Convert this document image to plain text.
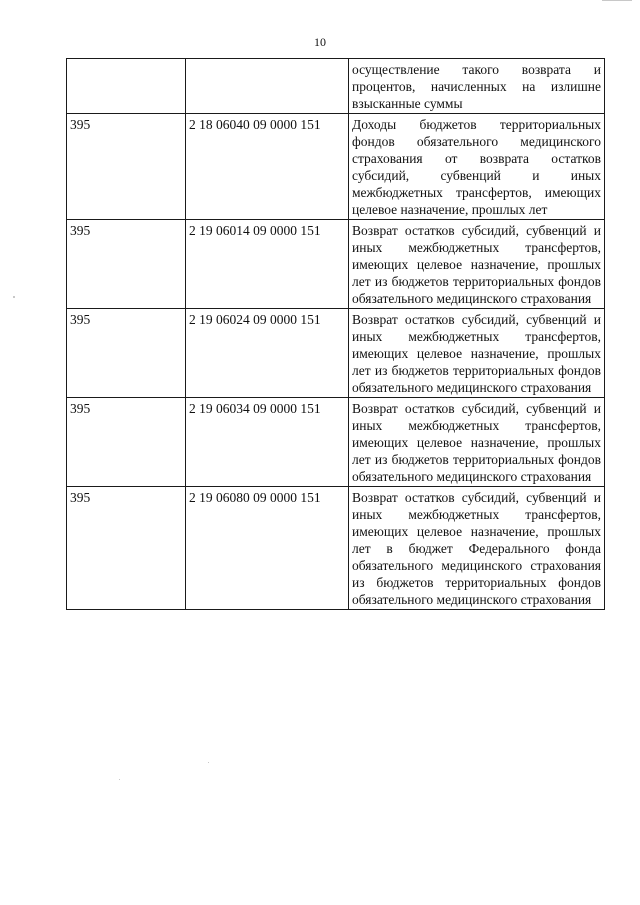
10
		осуществление такого возврата и процентов, начисленных на излишне взысканные суммы
395	2 18 06040 09 0000 151	Доходы бюджетов территориальных фондов обязательного медицинского страхования от возврата остатков субсидий, субвенций и иных межбюджетных трансфертов, имеющих целевое назначение, прошлых лет
395	2 19 06014 09 0000 151	Возврат остатков субсидий, субвенций и иных межбюджетных трансфертов, имеющих целевое назначение, прошлых лет из бюджетов территориальных фондов обязательного медицинского страхования
395	2 19 06024 09 0000 151	Возврат остатков субсидий, субвенций и иных межбюджетных трансфертов, имеющих целевое назначение, прошлых лет из бюджетов территориальных фондов обязательного медицинского страхования
395	2 19 06034 09 0000 151	Возврат остатков субсидий, субвенций и иных межбюджетных трансфертов, имеющих целевое назначение, прошлых лет из бюджетов территориальных фондов обязательного медицинского страхования
395	2 19 06080 09 0000 151	Возврат остатков субсидий, субвенций и иных межбюджетных трансфертов, имеющих целевое назначение, прошлых лет в бюджет Федерального фонда обязательного медицинского страхования из бюджетов территориальных фондов обязательного медицинского страхования
